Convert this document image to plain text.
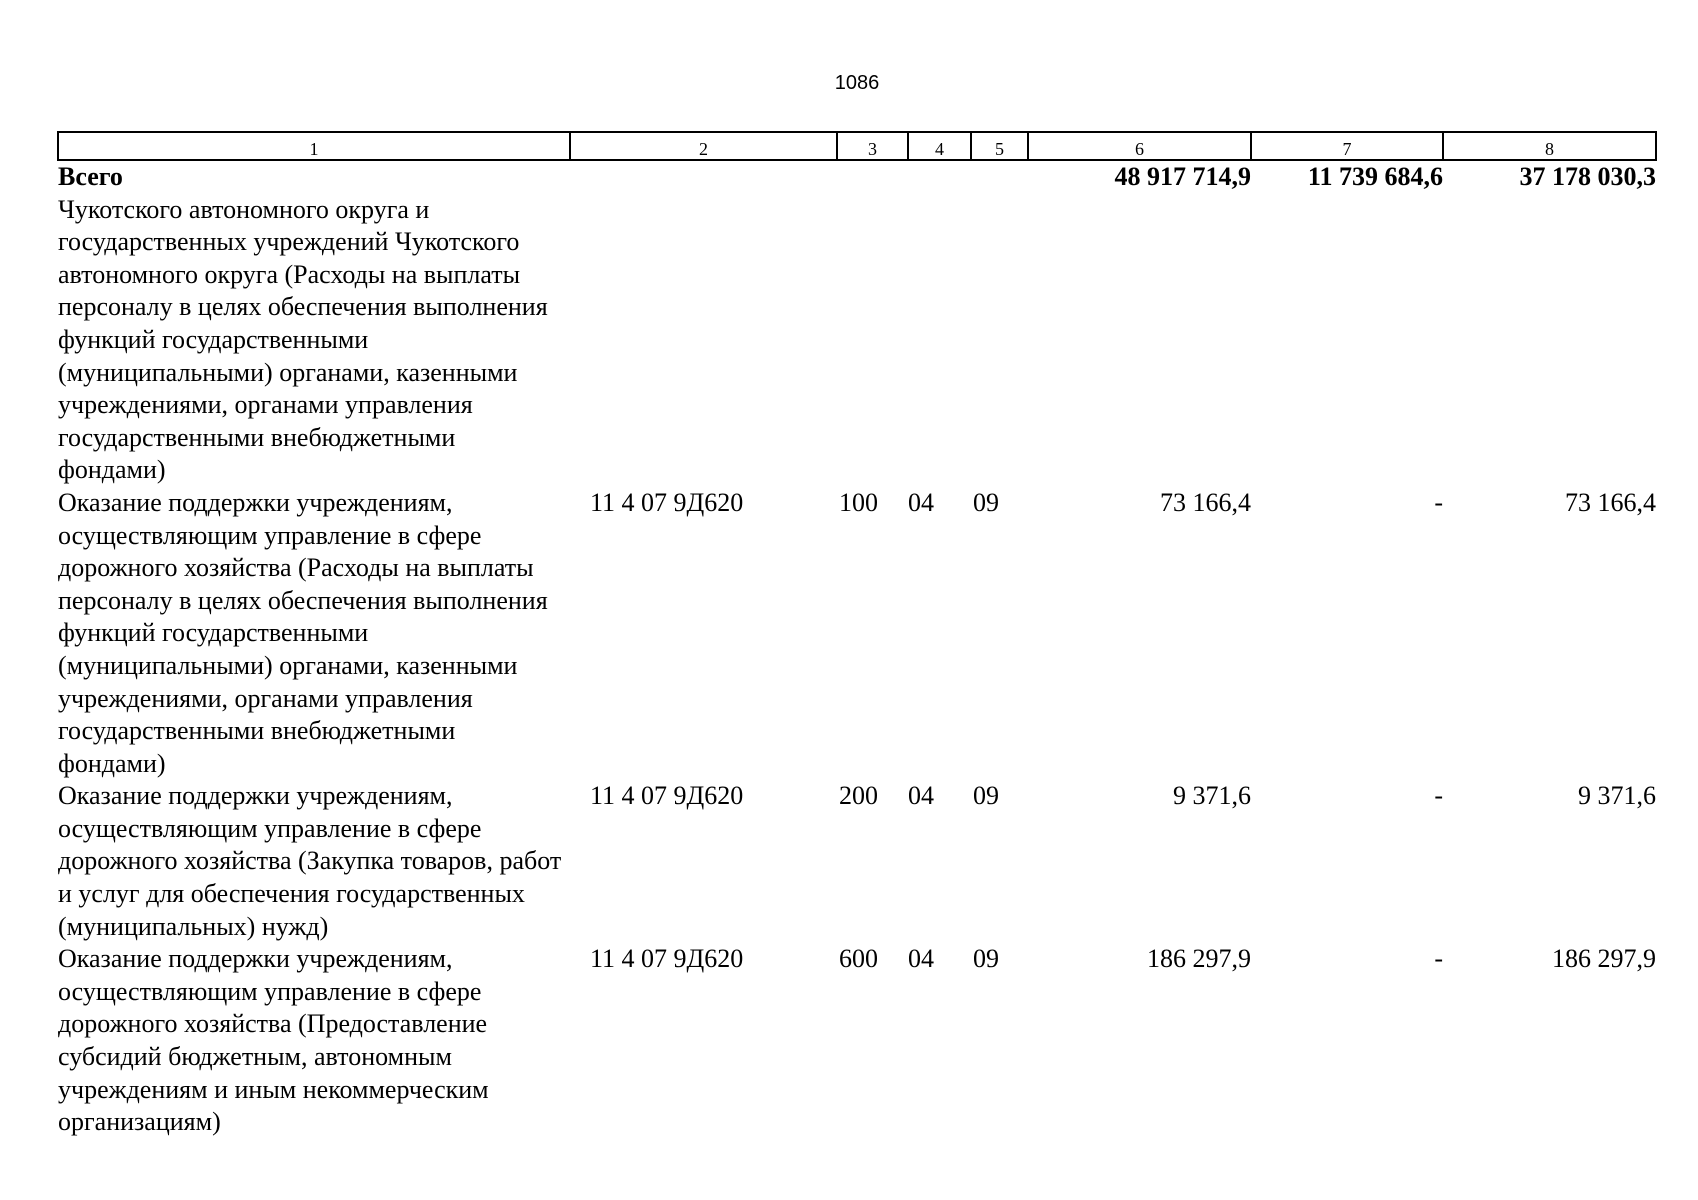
1086
1	2	3	4	5	6	7	8
Всего					48 917 714,9	11 739 684,6	37 178 030,3
Чукотского автономного округа и государственных учреждений Чукотского автономного округа (Расходы на выплаты персоналу в целях обеспечения выполнения функций государственными (муниципальными) органами, казенными учреждениями, органами управления государственными внебюджетными фондами)							
Оказание поддержки учреждениям, осуществляющим управление в сфере дорожного хозяйства (Расходы на выплаты персоналу в целях обеспечения выполнения функций государственными (муниципальными) органами, казенными учреждениями, органами управления государственными внебюджетными фондами)	11 4 07 9Д620	100	04	09	73 166,4	-	73 166,4
Оказание поддержки учреждениям, осуществляющим управление в сфере дорожного хозяйства (Закупка товаров, работ и услуг для обеспечения государственных (муниципальных) нужд)	11 4 07 9Д620	200	04	09	9 371,6	-	9 371,6
Оказание поддержки учреждениям, осуществляющим управление в сфере дорожного хозяйства (Предоставление субсидий бюджетным, автономным учреждениям и иным некоммерческим организациям)	11 4 07 9Д620	600	04	09	186 297,9	-	186 297,9
